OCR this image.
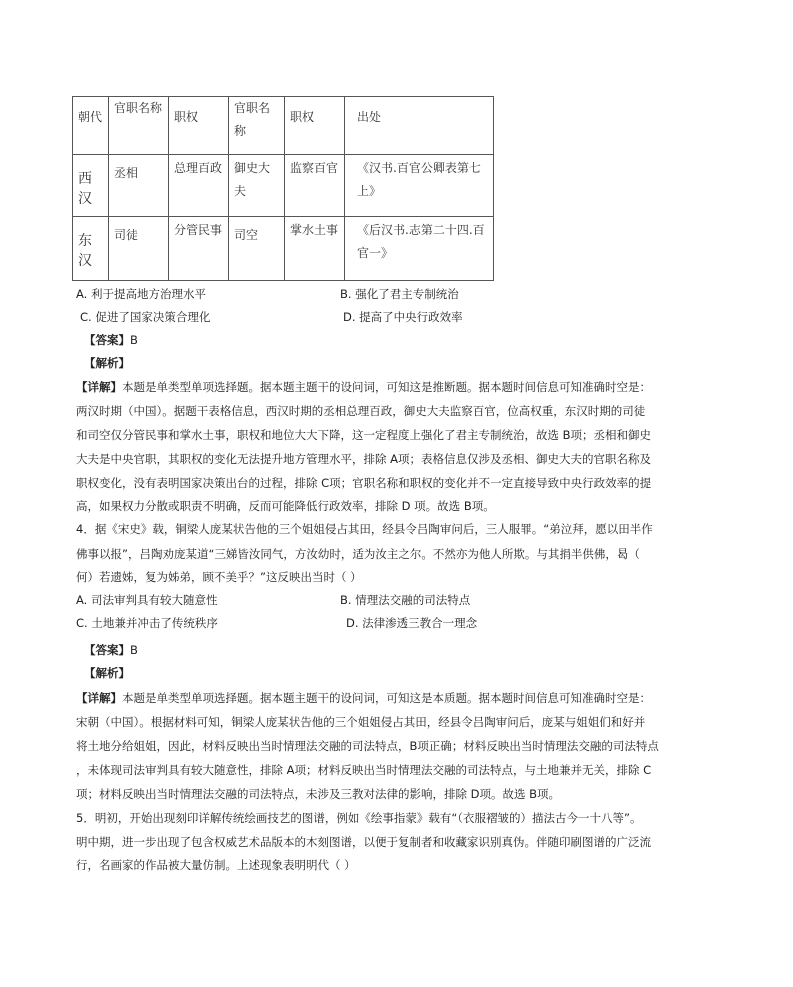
朝代	官职名称	职权	官职名称	职权	出处
西汉	丞相	总理百政	御史大夫	监察百官	《汉书.百官公卿表第七上》
东汉	司徒	分管民事	司空	掌水土事	《后汉书.志第二十四.百官一》
A. 利于提高地方治理水平	B. 强化了君主专制统治
C. 促进了国家决策合理化	D. 提高了中央行政效率
【答案】B
【解析】
【详解】本题是单类型单项选择题。据本题主题干的设问词，可知这是推断题。据本题时间信息可知准确时空是：
两汉时期（中国）。据题干表格信息，西汉时期的丞相总理百政，御史大夫监察百官，位高权重，东汉时期的司徒
和司空仅分管民事和掌水土事，职权和地位大大下降，这一定程度上强化了君主专制统治，故选 B项；丞相和御史
大夫是中央官职，其职权的变化无法提升地方管理水平，排除 A项；表格信息仅涉及丞相、御史大夫的官职名称及
职权变化，没有表明国家决策出台的过程，排除 C项；官职名称和职权的变化并不一定直接导致中央行政效率的提
高，如果权力分散或职责不明确，反而可能降低行政效率，排除 D 项。故选 B项。
4．据《宋史》载，铜梁人庞某状告他的三个姐姐侵占其田，经县令吕陶审问后，三人服罪。“弟泣拜，愿以田半作
佛事以报”，吕陶劝庞某道“三娣皆汝同气，方汝幼时，适为汝主之尔。不然亦为他人所欺。与其捐半供佛，曷（
何）若遗姊，复为姊弟，顾不美乎？”这反映出当时（ ）
A. 司法审判具有较大随意性	B. 情理法交融的司法特点
C. 土地兼并冲击了传统秩序	D. 法律渗透三教合一理念
【答案】B
【解析】
【详解】本题是单类型单项选择题。据本题主题干的设问词，可知这是本质题。据本题时间信息可知准确时空是：
宋朝（中国）。根据材料可知，铜梁人庞某状告他的三个姐姐侵占其田，经县令吕陶审问后，庞某与姐姐们和好并
将土地分给姐姐，因此，材料反映出当时情理法交融的司法特点，B项正确；材料反映出当时情理法交融的司法特点
，未体现司法审判具有较大随意性，排除 A项；材料反映出当时情理法交融的司法特点，与土地兼并无关，排除 C
项；材料反映出当时情理法交融的司法特点，未涉及三教对法律的影响，排除 D项。故选 B项。
5．明初，开始出现刻印详解传统绘画技艺的图谱，例如《绘事指蒙》载有“（衣服褶皱的）描法古今一十八等”。
明中期，进一步出现了包含权威艺术品版本的木刻图谱，以便于复制者和收藏家识别真伪。伴随印刷图谱的广泛流
行，名画家的作品被大量仿制。上述现象表明明代（ ）
